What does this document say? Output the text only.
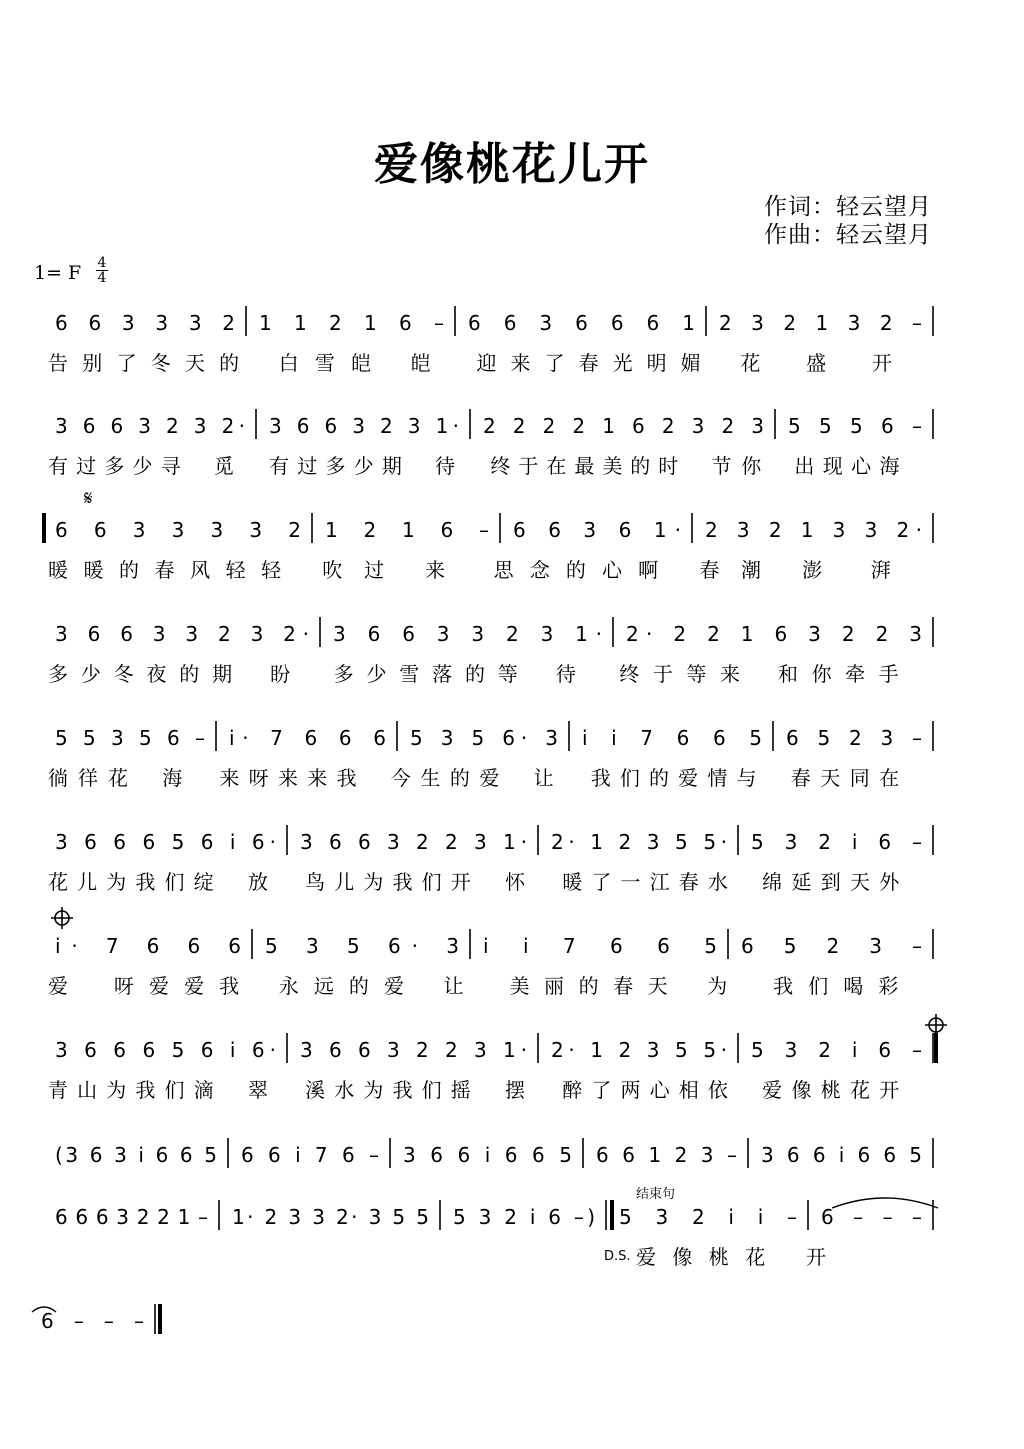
爱像桃花儿开
作词：轻云望月
作曲：轻云望月
1= F 4
4
6 6 3 3 3 2 1 1 2 1 6 – 6 6 3 6 6 6 1 2 3 2 1 3 2 –
3 6 6 3 2 3 2· 3 6 6 3 2 3 1· 2 2 2 2 1 6 2 3 2 3 5 5 5 6 –
6 6 3 3 3 3 2 1 2 1 6 – 6 6 3 6 1· 2 3 2 1 3 3 2·
3 6 6 3 3 2 3 2· 3 6 6 3 3 2 3 1· 2· 2 2 1 6 3 2 2 3
5 5 3 5 6 – i· 7 6 6 6 5 3 5 6· 3 i i 7 6 6 5 6 5 2 3 –
3 6 6 6 5 6 i 6· 3 6 6 3 2 2 3 1· 2· 1 2 3 5 5· 5 3 2 i 6 –
i· 7 6 6 6 5 3 5 6· 3 i i 7 6 6 5 6 5 2 3 –
3 6 6 6 5 6 i 6· 3 6 6 3 2 2 3 1· 2· 1 2 3 5 5· 5 3 2 i 6 –
(3 6 3 i 6 6 5 6 6 i 7 6 – 3 6 6 i 6 6 5 6 6 1 2 3 – 3 6 6 i 6 6 5
6 6 6 3 2 2 1 – 1· 2 3 3 2· 3 5 5 5 3 2 i 6 –) 5 3 2 i i – 6 – – –
6 – – –
告别了冬天的 白雪皑 皑 迎来了春光明媚 花 盛 开
有过多少寻 觅 有过多少期 待 终于在最美的时 节你 出现心海
暖暖的春风轻轻 吹过 来 思念的心啊 春潮 澎 湃
多少冬夜的期 盼 多少雪落的等 待 终于等来 和你牵手
徜徉花 海 来呀来来我 今生的爱 让 我们的爱情与 春天同在
花儿为我们绽 放 鸟儿为我们开 怀 暖了一江春水 绵延到天外
爱 呀爱爱我 永远的爱 让 美丽的春天 为 我们喝彩
青山为我们滴 翠 溪水为我们摇 摆 醉了两心相依 爱像桃花开
爱像桃花 开
𝄋
结束句
D.S.
